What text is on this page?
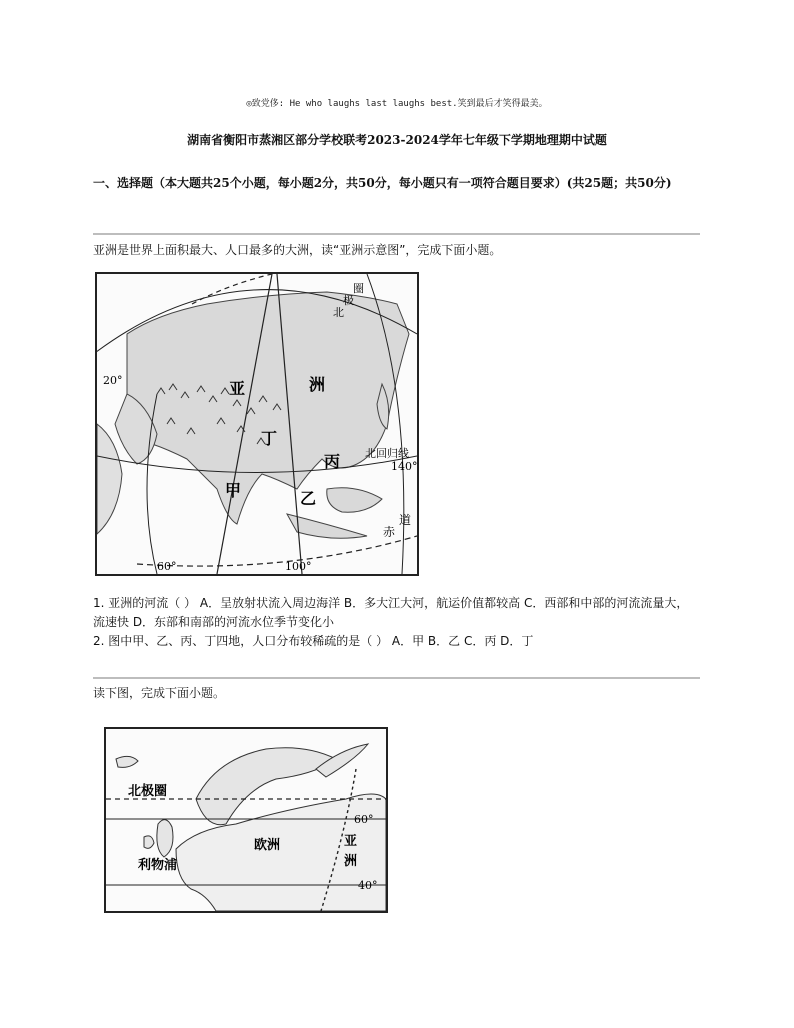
◎致党侈: He who laughs last laughs best.笑到最后才笑得最美。
湖南省衡阳市蒸湘区部分学校联考2023-2024学年七年级下学期地理期中试题
一、选择题（本大题共25个小题，每小题2分，共50分，每小题只有一项符合题目要求）(共25题；共50分)
亚洲是世界上面积最大、人口最多的大洲，读“亚洲示意图”，完成下面小题。
20°
60°	100°
140°
亚	洲
丁
丙
甲	乙
北
极
圈
北回归线
赤
道
1. 亚洲的河流（ ） A．呈放射状流入周边海洋 B．多大江大河，航运价值都较高 C．西部和中部的河流流量大，流速快 D．东部和南部的河流水位季节变化小
2. 图中甲、乙、丙、丁四地，人口分布较稀疏的是（ ） A．甲 B．乙 C．丙 D．丁
读下图，完成下面小题。
北极圈
60°
40°
欧洲	亚
洲
利物浦
